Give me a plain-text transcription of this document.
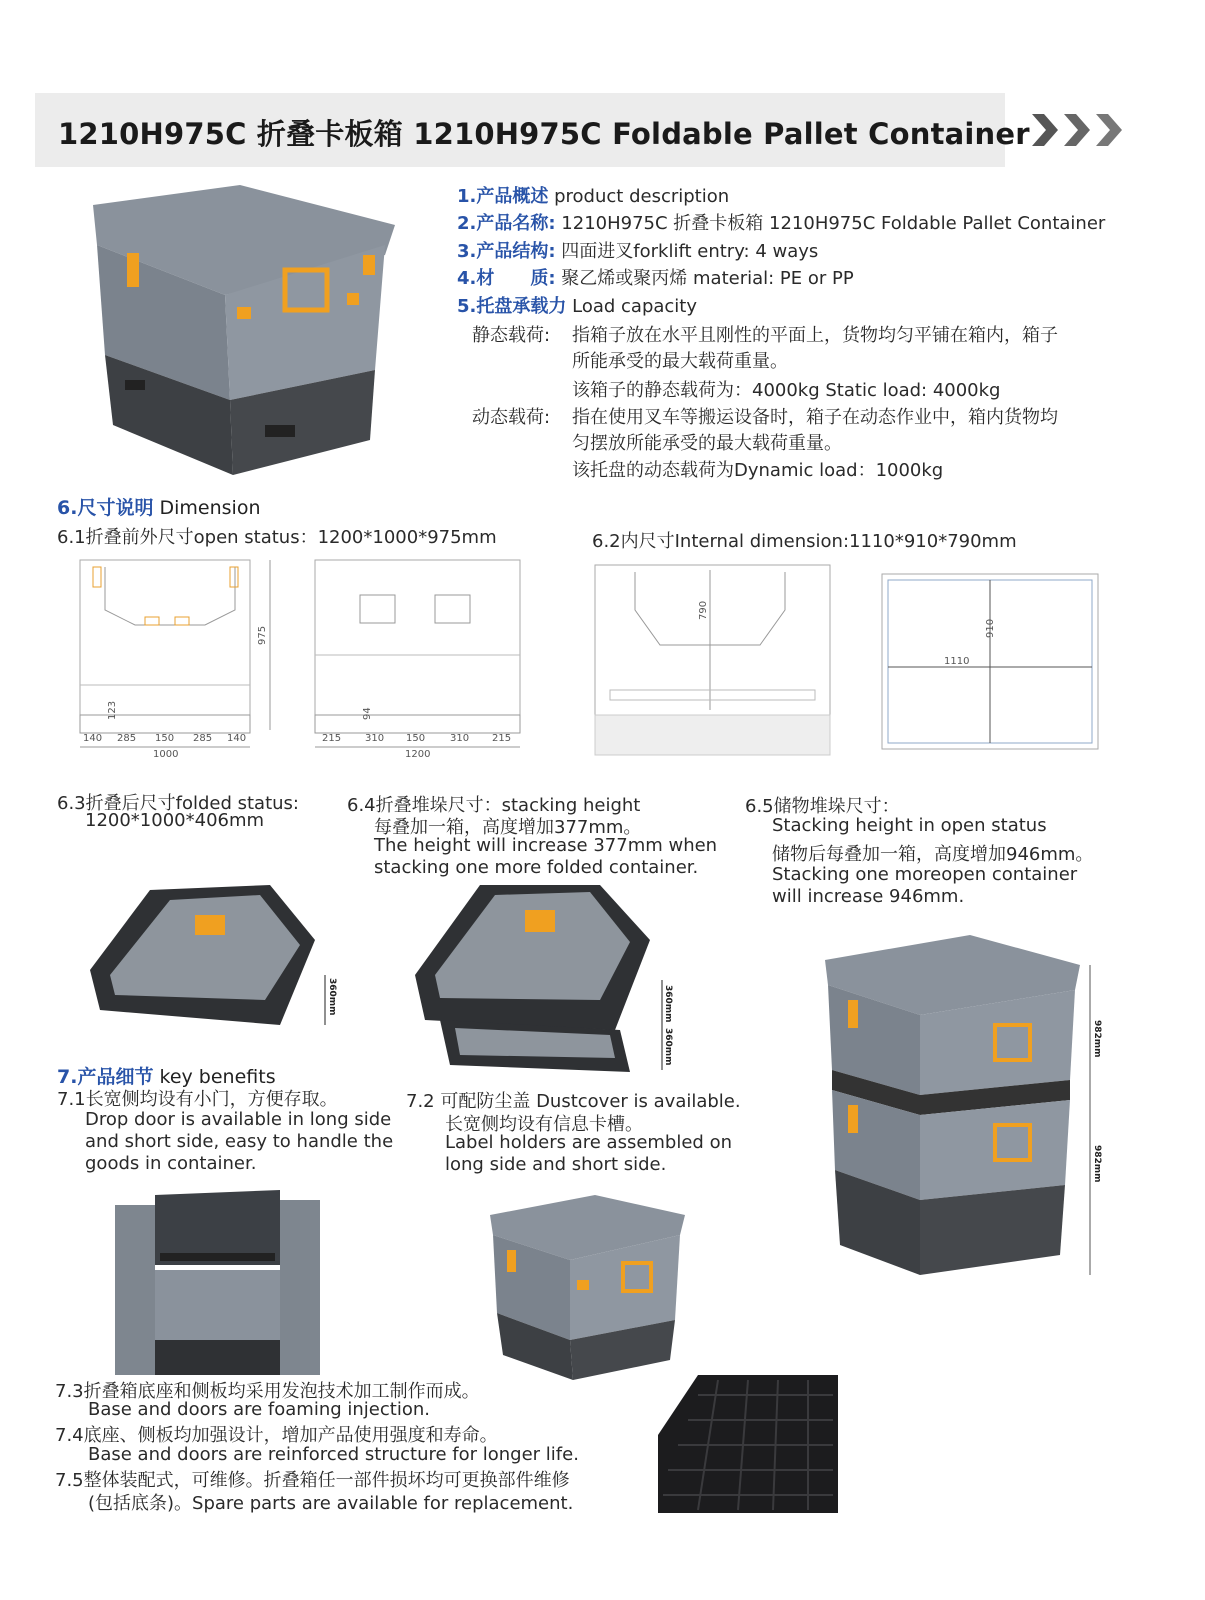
1210H975C 折叠卡板箱 1210H975C Foldable Pallet Container
1.产品概述 product description
2.产品名称: 1210H975C 折叠卡板箱 1210H975C Foldable Pallet Container
3.产品结构: 四面进叉forklift entry: 4 ways
4.材　　质: 聚乙烯或聚丙烯 material: PE or PP
5.托盘承载力 Load capacity
静态载荷: 指箱子放在水平且刚性的平面上，货物均匀平铺在箱内，箱子
所能承受的最大载荷重量。
该箱子的静态载荷为：4000kg Static load: 4000kg
动态载荷: 指在使用叉车等搬运设备时，箱子在动态作业中，箱内货物均
匀摆放所能承受的最大载荷重量。
该托盘的动态载荷为Dynamic load：1000kg
6.尺寸说明 Dimension
6.1折叠前外尺寸open status：1200*1000*975mm	6.2内尺寸Internal dimension:1110*910*790mm
975
123
140 285 150 285 140
1000
94
215 310 150 310 215
1200
790
910
1110
6.3折叠后尺寸folded status:
1200*1000*406mm
6.4折叠堆垛尺寸：stacking height
每叠加一箱，高度增加377mm。
The height will increase 377mm when
stacking one more folded container.
6.5储物堆垛尺寸：
Stacking height in open status
储物后每叠加一箱，高度增加946mm。
Stacking one moreopen container
will increase 946mm.
360mm	360mm
360mm	982mm
982mm
7.产品细节 key benefits
7.1长宽侧均设有小门，方便存取。
Drop door is available in long side
and short side, easy to handle the
goods in container.
7.2 可配防尘盖 Dustcover is available.
长宽侧均设有信息卡槽。
Label holders are assembled on
long side and short side.
7.3折叠箱底座和侧板均采用发泡技术加工制作而成。
Base and doors are foaming injection.
7.4底座、侧板均加强设计，增加产品使用强度和寿命。
Base and doors are reinforced structure for longer life.
7.5整体装配式，可维修。折叠箱任一部件损坏均可更换部件维修
(包括底条)。Spare parts are available for replacement.
